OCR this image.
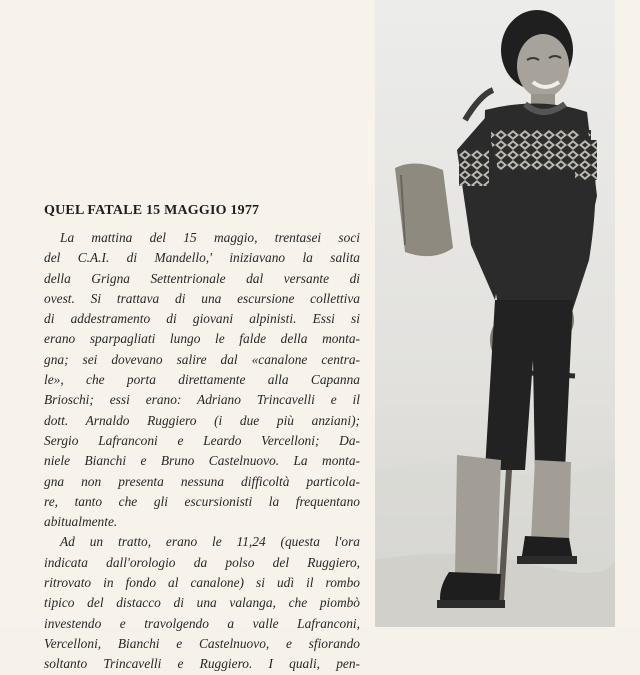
QUEL FATALE 15 MAGGIO 1977
La mattina del 15 maggio, trentasei soci
del C.A.I. di Mandello,' iniziavano la salita
della Grigna Settentrionale dal versante di
ovest. Si trattava di una escursione collettiva
di addestramento di giovani alpinisti. Essi si
erano sparpagliati lungo le falde della monta-
gna; sei dovevano salire dal «canalone centra-
le», che porta direttamente alla Capanna
Brioschi; essi erano: Adriano Trincavelli e il
dott. Arnaldo Ruggiero (i due più anziani);
Sergio Lafranconi e Leardo Vercelloni; Da-
niele Bianchi e Bruno Castelnuovo. La monta-
gna non presenta nessuna difficoltà particola-
re, tanto che gli escursionisti la frequentano
abitualmente.
Ad un tratto, erano le 11,24 (questa l'ora
indicata dall'orologio da polso del Ruggiero,
ritrovato in fondo al canalone) si udì il rombo
tipico del distacco di una valanga, che piombò
investendo e travolgendo a valle Lafranconi,
Vercelloni, Bianchi e Castelnuovo, e sfiorando
soltanto Trincavelli e Ruggiero. I quali, pen-
